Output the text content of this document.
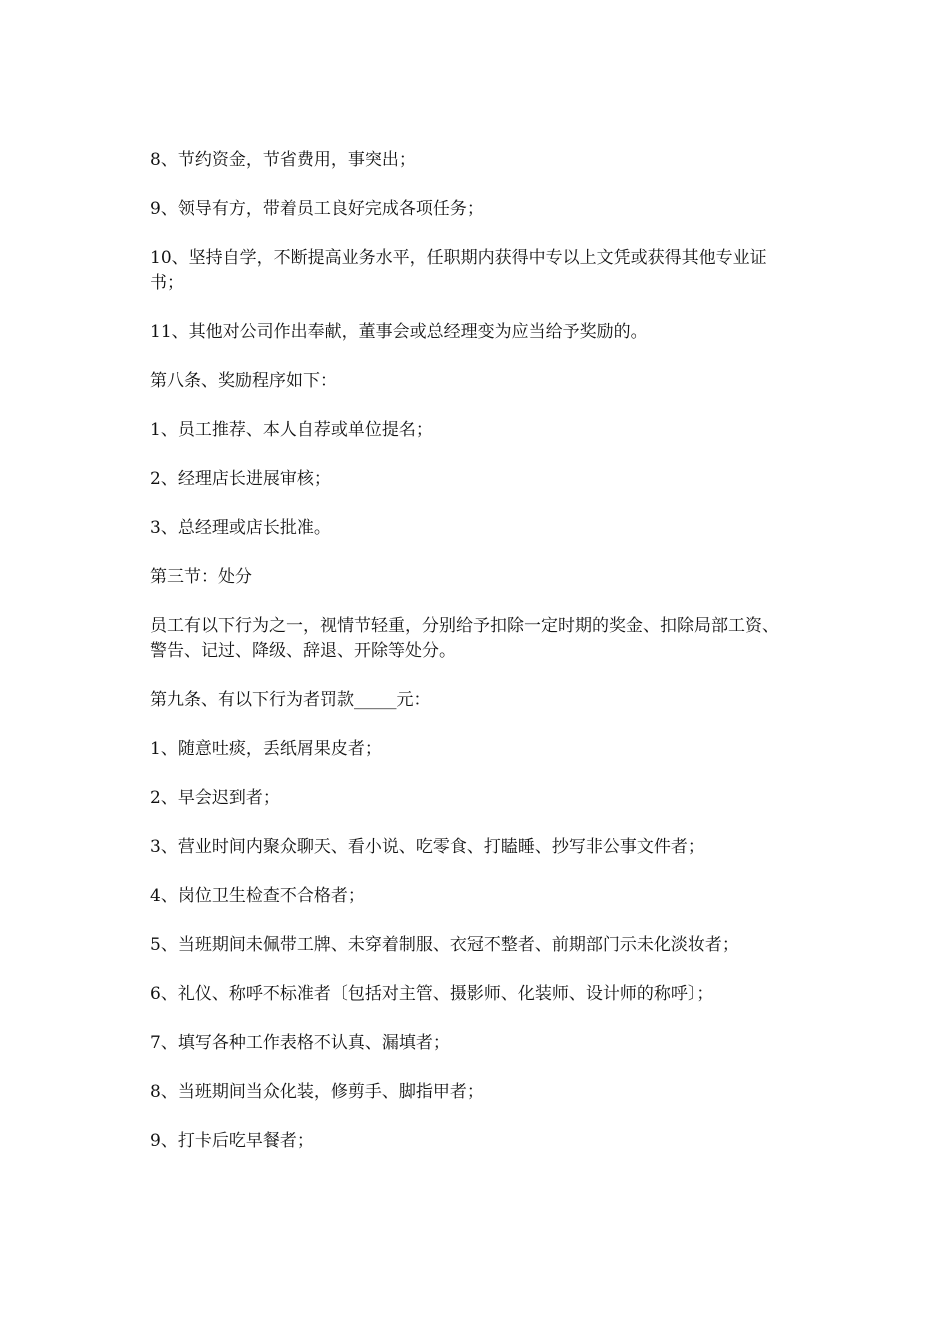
8、节约资金，节省费用，事突出；

9、领导有方，带着员工良好完成各项任务；

10、坚持自学，不断提高业务水平，任职期内获得中专以上文凭或获得其他专业证书；

11、其他对公司作出奉献，董事会或总经理变为应当给予奖励的。

第八条、奖励程序如下：

1、员工推荐、本人自荐或单位提名；

2、经理店长进展审核；

3、总经理或店长批准。

第三节：处分

员工有以下行为之一，视情节轻重，分别给予扣除一定时期的奖金、扣除局部工资、警告、记过、降级、辞退、开除等处分。

第九条、有以下行为者罚款_____元：

1、随意吐痰，丢纸屑果皮者；

2、早会迟到者；

3、营业时间内聚众聊天、看小说、吃零食、打瞌睡、抄写非公事文件者；

4、岗位卫生检查不合格者；

5、当班期间未佩带工牌、未穿着制服、衣冠不整者、前期部门示未化淡妆者；

6、礼仪、称呼不标准者〔包括对主管、摄影师、化装师、设计师的称呼〕；

7、填写各种工作表格不认真、漏填者；

8、当班期间当众化装，修剪手、脚指甲者；

9、打卡后吃早餐者；
